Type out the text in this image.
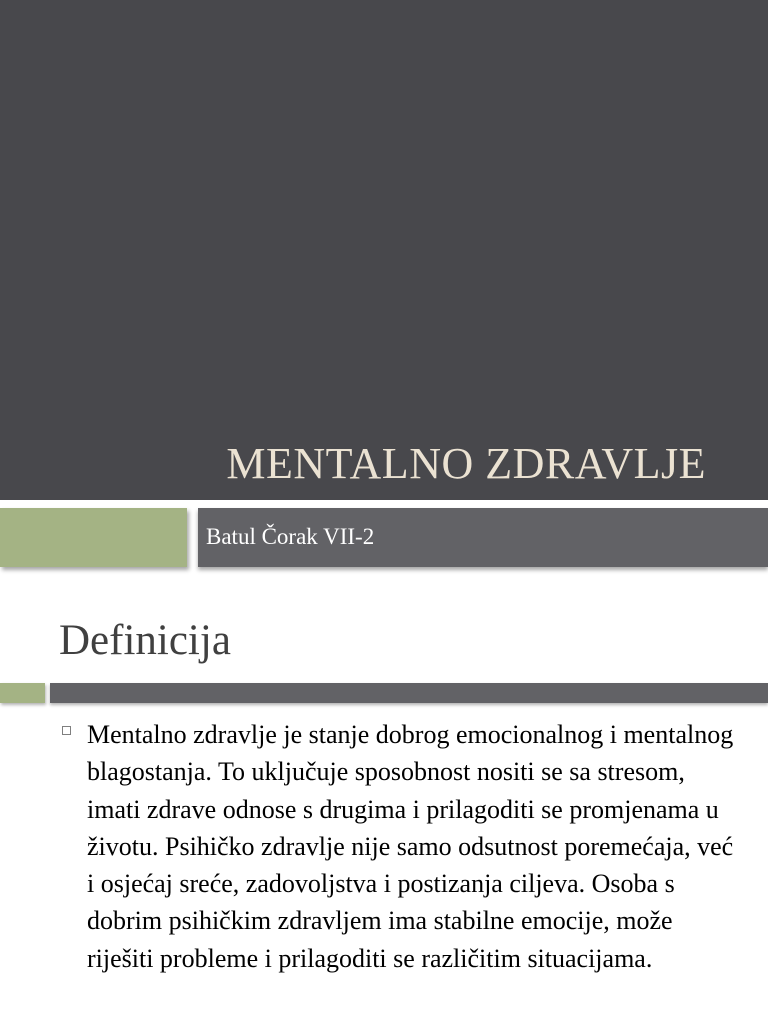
MENTALNO ZDRAVLJE
Batul Čorak VII-2
Definicija

Mentalno zdravlje je stanje dobrog emocionalnog i mentalnog blagostanja. To uključuje sposobnost nositi se sa stresom, imati zdrave odnose s drugima i prilagoditi se promjenama u životu. Psihičko zdravlje nije samo odsutnost poremećaja, već i osjećaj sreće, zadovoljstva i postizanja ciljeva. Osoba s dobrim psihičkim zdravljem ima stabilne emocije, može riješiti probleme i prilagoditi se različitim situacijama.
